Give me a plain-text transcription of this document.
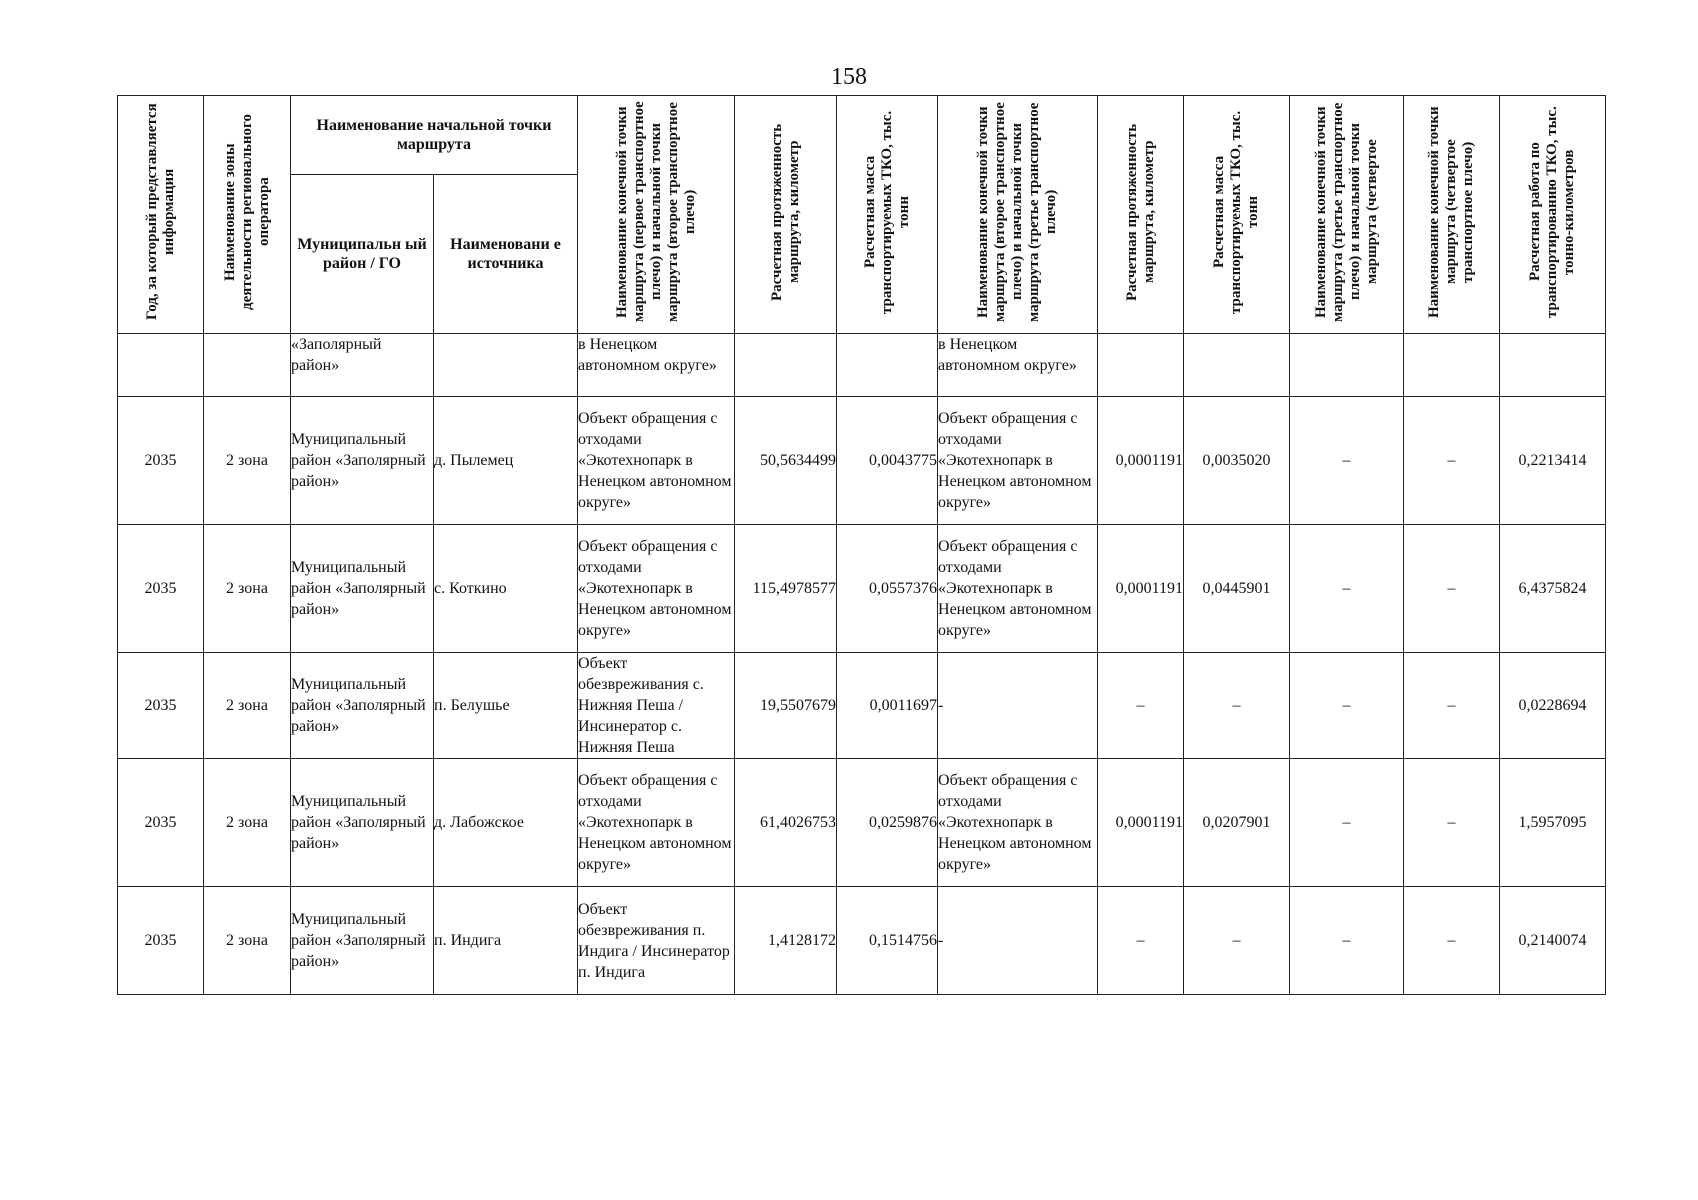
158
Год, за который представляется информация	Наименование зоны деятельности регионального оператора	Наименование начальной точки маршрута		Наименование конечной точки маршрута (первое транспортное плечо) и начальной точки маршрута (второе транспортное плечо)	Расчетная протяженность маршрута, километр	Расчетная масса транспортируемых ТКО, тыс. тонн	Наименование конечной точки маршрута (второе транспортное плечо) и начальной точки маршрута (третье транспортное плечо)	Расчетная протяженность маршрута, километр	Расчетная масса транспортируемых ТКО, тыс. тонн	Наименование конечной точки маршрута (третье транспортное плечо) и начальной точки маршрута (четвертое	Наименование конечной точки маршрута (четвертое транспортное плечо)	Расчетная работа по транспортированию ТКО, тыс. тонно-километров
		Муниципальн ый район / ГО	Наименовани е источника									
		«Заполярный район»		в Ненецком автономном округе»			в Ненецком автономном округе»					
2035	2 зона	Муниципальный район «Заполярный район»	д. Пылемец	Объект обращения с отходами «Экотехнопарк в Ненецком автономном округе»	50,5634499	0,0043775	Объект обращения с отходами «Экотехнопарк в Ненецком автономном округе»	0,0001191	0,0035020	–	–	0,2213414
2035	2 зона	Муниципальный район «Заполярный район»	с. Коткино	Объект обращения с отходами «Экотехнопарк в Ненецком автономном округе»	115,4978577	0,0557376	Объект обращения с отходами «Экотехнопарк в Ненецком автономном округе»	0,0001191	0,0445901	–	–	6,4375824
2035	2 зона	Муниципальный район «Заполярный район»	п. Белушье	Объект обезвреживания с. Нижняя Пеша / Инсинератор с. Нижняя Пеша	19,5507679	0,0011697	-	–	–	–	–	0,0228694
2035	2 зона	Муниципальный район «Заполярный район»	д. Лабожское	Объект обращения с отходами «Экотехнопарк в Ненецком автономном округе»	61,4026753	0,0259876	Объект обращения с отходами «Экотехнопарк в Ненецком автономном округе»	0,0001191	0,0207901	–	–	1,5957095
2035	2 зона	Муниципальный район «Заполярный район»	п. Индига	Объект обезвреживания п. Индига / Инсинератор п. Индига	1,4128172	0,1514756	-	–	–	–	–	0,2140074
